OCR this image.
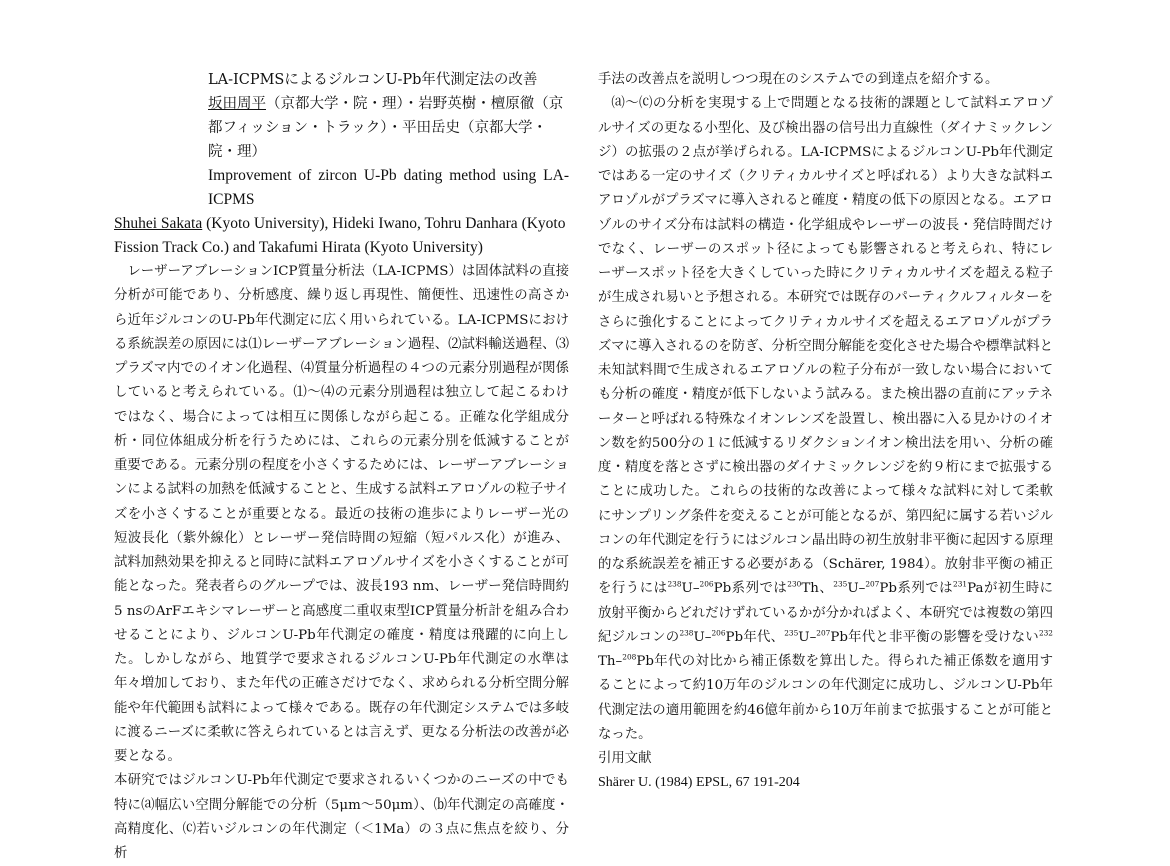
LA-ICPMSによるジルコンU-Pb年代測定法の改善
坂田周平（京都大学・院・理）・岩野英樹・檀原徹（京都フィッション・トラック）・平田岳史（京都大学・院・理）
Improvement of zircon U-Pb dating method using LA-ICPMS
Shuhei Sakata (Kyoto University), Hideki Iwano, Tohru Danhara (Kyoto Fission Track Co.) and Takafumi Hirata (Kyoto University)

レーザーアブレーションICP質量分析法（LA-ICPMS）は固体試料の直接分析が可能であり、分析感度、繰り返し再現性、簡便性、迅速性の高さから近年ジルコンのU-Pb年代測定に広く用いられている。LA-ICPMSにおける系統誤差の原因には⑴レーザーアブレーション過程、⑵試料輸送過程、⑶プラズマ内でのイオン化過程、⑷質量分析過程の４つの元素分別過程が関係していると考えられている。⑴～⑷の元素分別過程は独立して起こるわけではなく、場合によっては相互に関係しながら起こる。正確な化学組成分析・同位体組成分析を行うためには、これらの元素分別を低減することが重要である。元素分別の程度を小さくするためには、レーザーアブレーションによる試料の加熱を低減することと、生成する試料エアロゾルの粒子サイズを小さくすることが重要となる。最近の技術の進歩によりレーザー光の短波長化（紫外線化）とレーザー発信時間の短縮（短パルス化）が進み、試料加熱効果を抑えると同時に試料エアロゾルサイズを小さくすることが可能となった。発表者らのグループでは、波長193 nm、レーザー発信時間約5 nsのArFエキシマレーザーと高感度二重収束型ICP質量分析計を組み合わせることにより、ジルコンU-Pb年代測定の確度・精度は飛躍的に向上した。しかしながら、地質学で要求されるジルコンU-Pb年代測定の水準は年々増加しており、また年代の正確さだけでなく、求められる分析空間分解能や年代範囲も試料によって様々である。既存の年代測定システムでは多岐に渡るニーズに柔軟に答えられているとは言えず、更なる分析法の改善が必要となる。

本研究ではジルコンU-Pb年代測定で要求されるいくつかのニーズの中でも特に⒜幅広い空間分解能での分析（5μm～50μm）、⒝年代測定の高確度・高精度化、⒞若いジルコンの年代測定（＜1Ma）の３点に焦点を絞り、分析

手法の改善点を説明しつつ現在のシステムでの到達点を紹介する。

⒜～⒞の分析を実現する上で問題となる技術的課題として試料エアロゾルサイズの更なる小型化、及び検出器の信号出力直線性（ダイナミックレンジ）の拡張の２点が挙げられる。LA-ICPMSによるジルコンU-Pb年代測定ではある一定のサイズ（クリティカルサイズと呼ばれる）より大きな試料エアロゾルがプラズマに導入されると確度・精度の低下の原因となる。エアロゾルのサイズ分布は試料の構造・化学組成やレーザーの波長・発信時間だけでなく、レーザーのスポット径によっても影響されると考えられ、特にレーザースポット径を大きくしていった時にクリティカルサイズを超える粒子が生成され易いと予想される。本研究では既存のパーティクルフィルターをさらに強化することによってクリティカルサイズを超えるエアロゾルがプラズマに導入されるのを防ぎ、分析空間分解能を変化させた場合や標準試料と未知試料間で生成されるエアロゾルの粒子分布が一致しない場合においても分析の確度・精度が低下しないよう試みる。また検出器の直前にアッテネーターと呼ばれる特殊なイオンレンズを設置し、検出器に入る見かけのイオン数を約500分の１に低減するリダクションイオン検出法を用い、分析の確度・精度を落とさずに検出器のダイナミックレンジを約９桁にまで拡張することに成功した。これらの技術的な改善によって様々な試料に対して柔軟にサンプリング条件を変えることが可能となるが、第四紀に属する若いジルコンの年代測定を行うにはジルコン晶出時の初生放射非平衡に起因する原理的な系統誤差を補正する必要がある（Schärer, 1984）。放射非平衡の補正を行うには$^{238}$U–$^{206}$Pb系列では$^{230}$Th、$^{235}$U–$^{207}$Pb系列では$^{231}$Paが初生時に放射平衡からどれだけずれているかが分かればよく、本研究では複数の第四紀ジルコンの$^{238}$U–$^{206}$Pb年代、$^{235}$U–$^{207}$Pb年代と非平衡の影響を受けない$^{232}$Th–$^{208}$Pb年代の対比から補正係数を算出した。得られた補正係数を適用することによって約10万年のジルコンの年代測定に成功し、ジルコンU-Pb年代測定法の適用範囲を約46億年前から10万年前まで拡張することが可能となった。

引用文献

Shärer U. (1984) EPSL, 67 191-204
